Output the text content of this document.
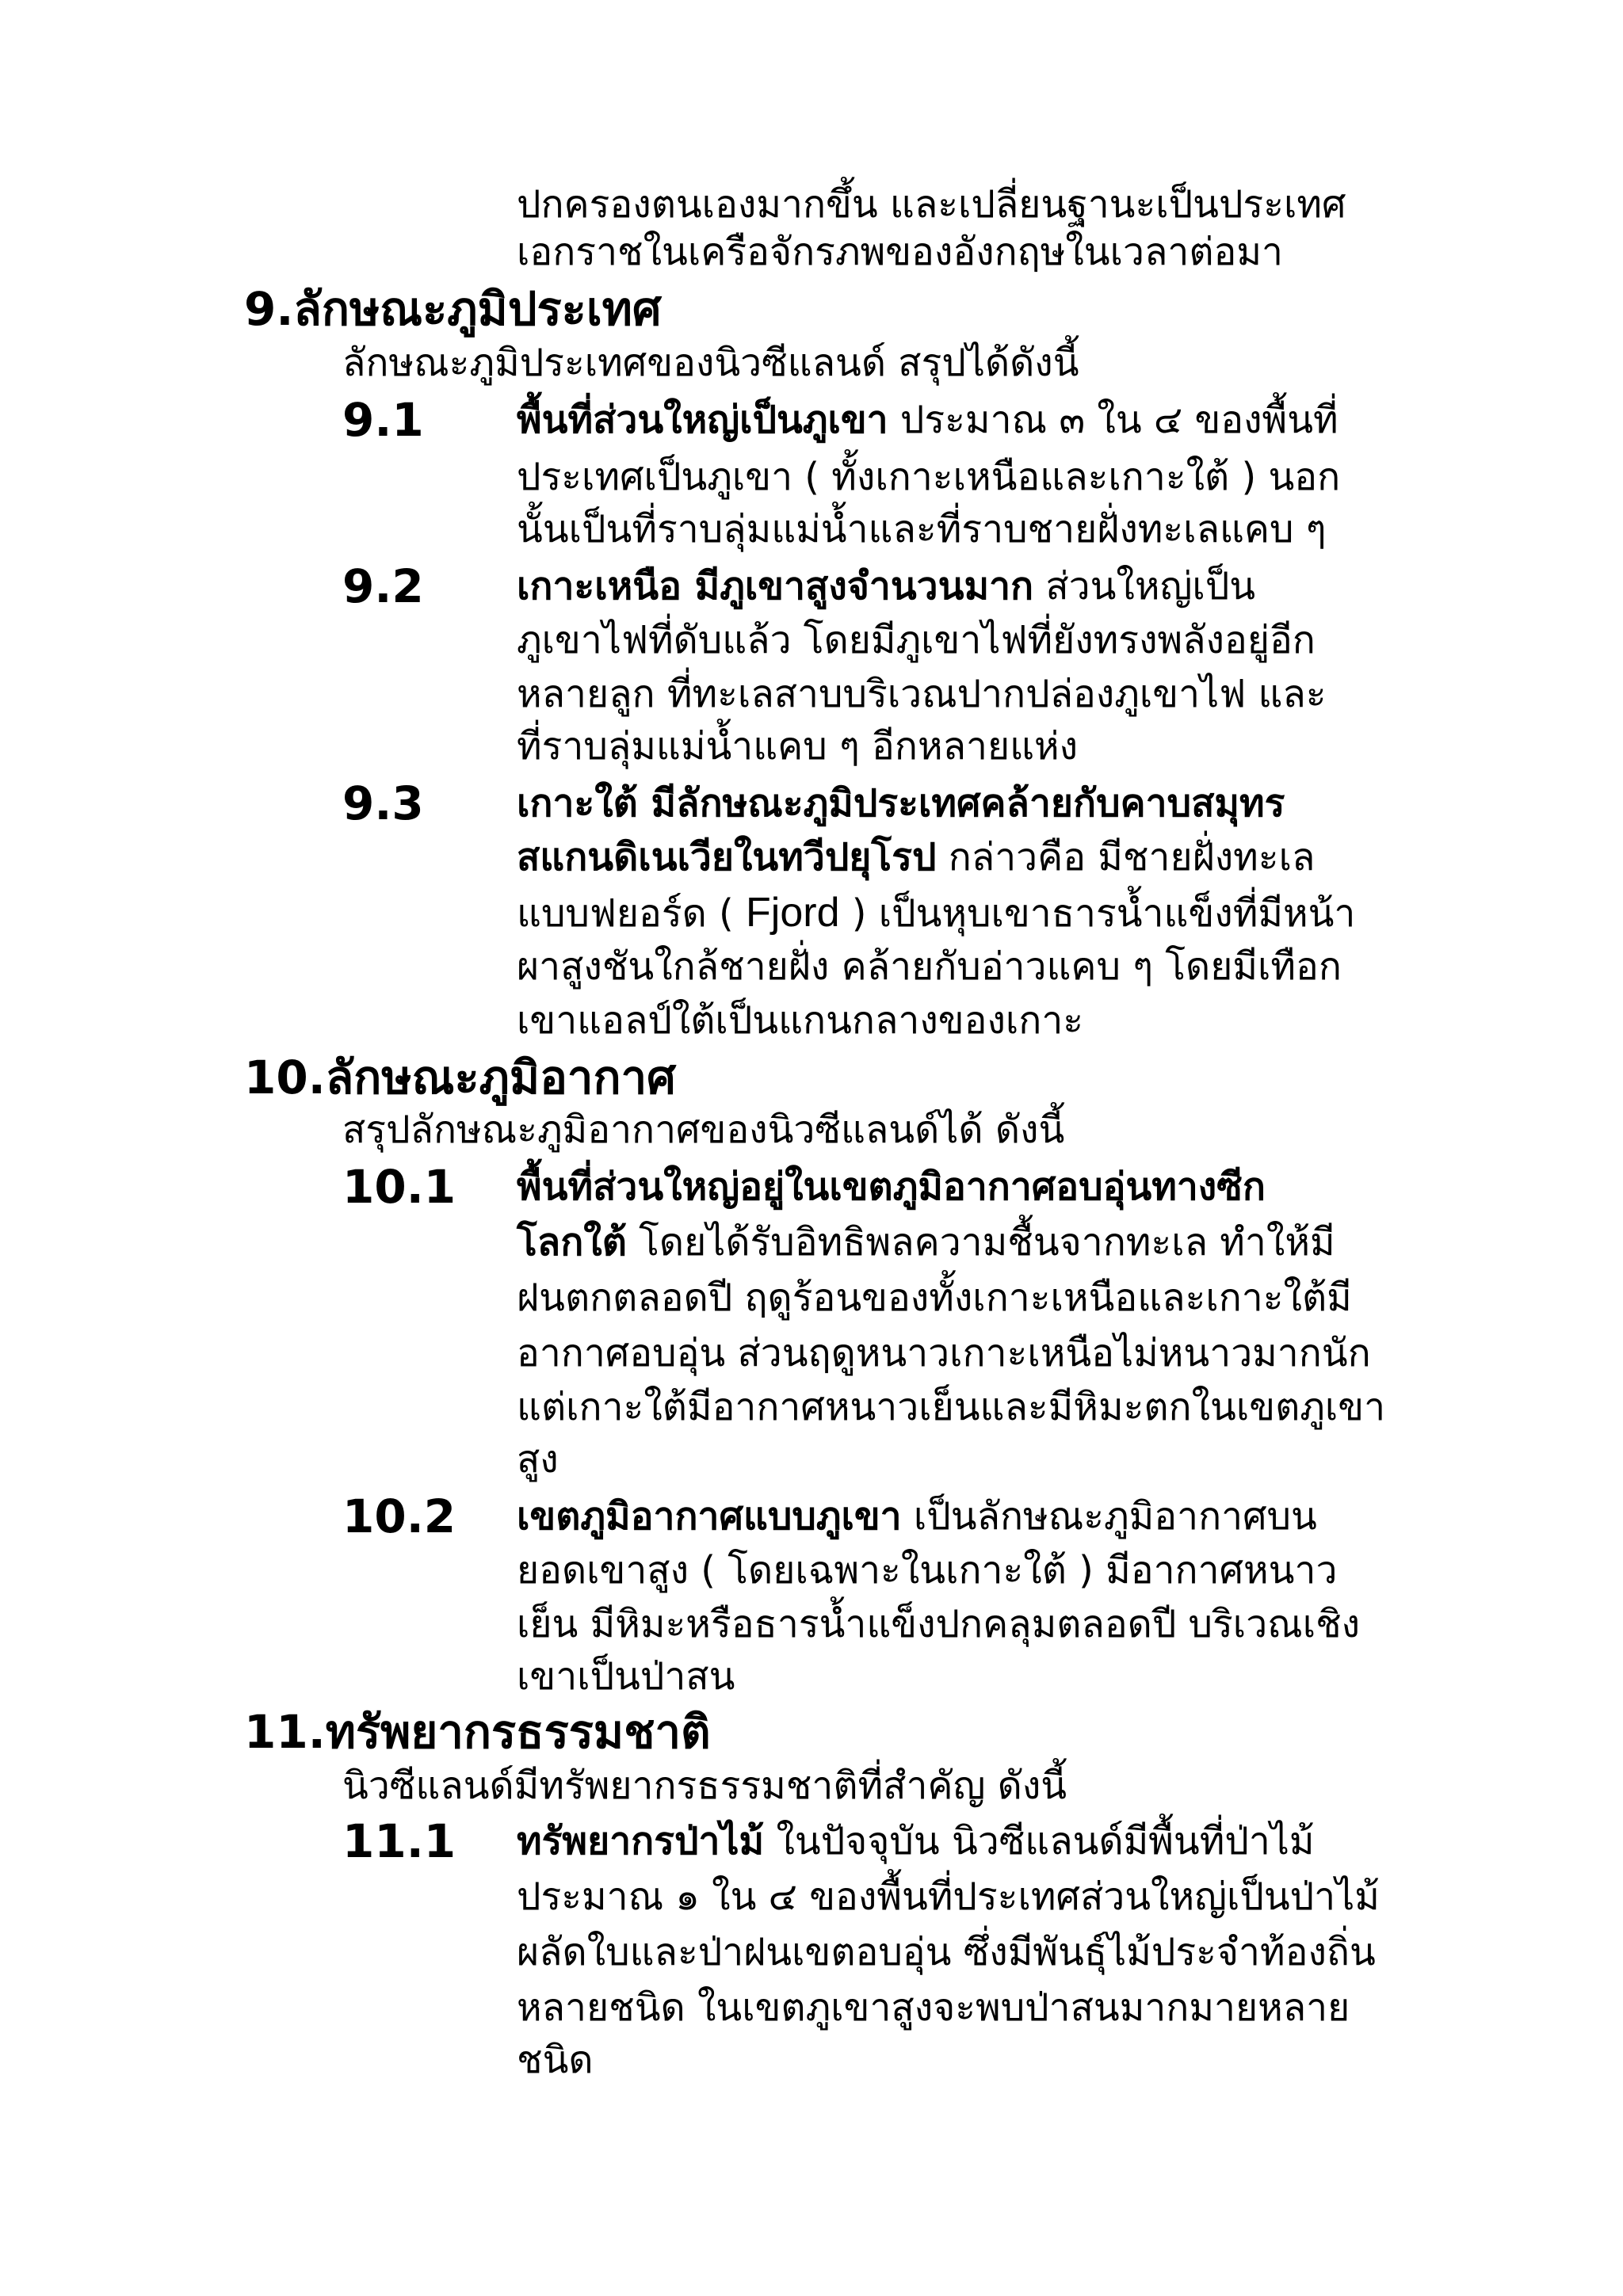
ปกครองตนเองมากขึ้น และเปลี่ยนฐานะเป็นประเทศ
เอกราชในเครือจักรภพของอังกฤษในเวลาต่อมา
9.ลักษณะภูมิประเทศ
ลักษณะภูมิประเทศของนิวซีแลนด์ สรุปได้ดังนี้
9.1 พื้นที่ส่วนใหญ่เป็นภูเขา ประมาณ ๓ ใน ๔ ของพื้นที่
ประเทศเป็นภูเขา ( ทั้งเกาะเหนือและเกาะใต้ ) นอก
นั้นเป็นที่ราบลุ่มแม่น้ำและที่ราบชายฝั่งทะเลแคบ ๆ
9.2 เกาะเหนือ มีภูเขาสูงจำนวนมาก ส่วนใหญ่เป็น
ภูเขาไฟที่ดับแล้ว โดยมีภูเขาไฟที่ยังทรงพลังอยู่อีก
หลายลูก ที่ทะเลสาบบริเวณปากปล่องภูเขาไฟ และ
ที่ราบลุ่มแม่น้ำแคบ ๆ อีกหลายแห่ง
9.3 เกาะใต้ มีลักษณะภูมิประเทศคล้ายกับคาบสมุทร
สแกนดิเนเวียในทวีปยุโรป กล่าวคือ มีชายฝั่งทะเล
แบบฟยอร์ด ( Fjord ) เป็นหุบเขาธารน้ำแข็งที่มีหน้า
ผาสูงชันใกล้ชายฝั่ง คล้ายกับอ่าวแคบ ๆ โดยมีเทือก
เขาแอลป์ใต้เป็นแกนกลางของเกาะ
10.ลักษณะภูมิอากาศ
สรุปลักษณะภูมิอากาศของนิวซีแลนด์ได้ ดังนี้
10.1 พื้นที่ส่วนใหญ่อยู่ในเขตภูมิอากาศอบอุ่นทางซีก
โลกใต้ โดยได้รับอิทธิพลความชื้นจากทะเล ทำให้มี
ฝนตกตลอดปี ฤดูร้อนของทั้งเกาะเหนือและเกาะใต้มี
อากาศอบอุ่น ส่วนฤดูหนาวเกาะเหนือไม่หนาวมากนัก
แต่เกาะใต้มีอากาศหนาวเย็นและมีหิมะตกในเขตภูเขา
สูง
10.2 เขตภูมิอากาศแบบภูเขา เป็นลักษณะภูมิอากาศบน
ยอดเขาสูง ( โดยเฉพาะในเกาะใต้ ) มีอากาศหนาว
เย็น มีหิมะหรือธารน้ำแข็งปกคลุมตลอดปี บริเวณเชิง
เขาเป็นป่าสน
11.ทรัพยากรธรรมชาติ
นิวซีแลนด์มีทรัพยากรธรรมชาติที่สำคัญ ดังนี้
11.1 ทรัพยากรป่าไม้ ในปัจจุบัน นิวซีแลนด์มีพื้นที่ป่าไม้
ประมาณ ๑ ใน ๔ ของพื้นที่ประเทศส่วนใหญ่เป็นป่าไม้
ผลัดใบและป่าฝนเขตอบอุ่น ซึ่งมีพันธุ์ไม้ประจำท้องถิ่น
หลายชนิด ในเขตภูเขาสูงจะพบป่าสนมากมายหลาย
ชนิด
